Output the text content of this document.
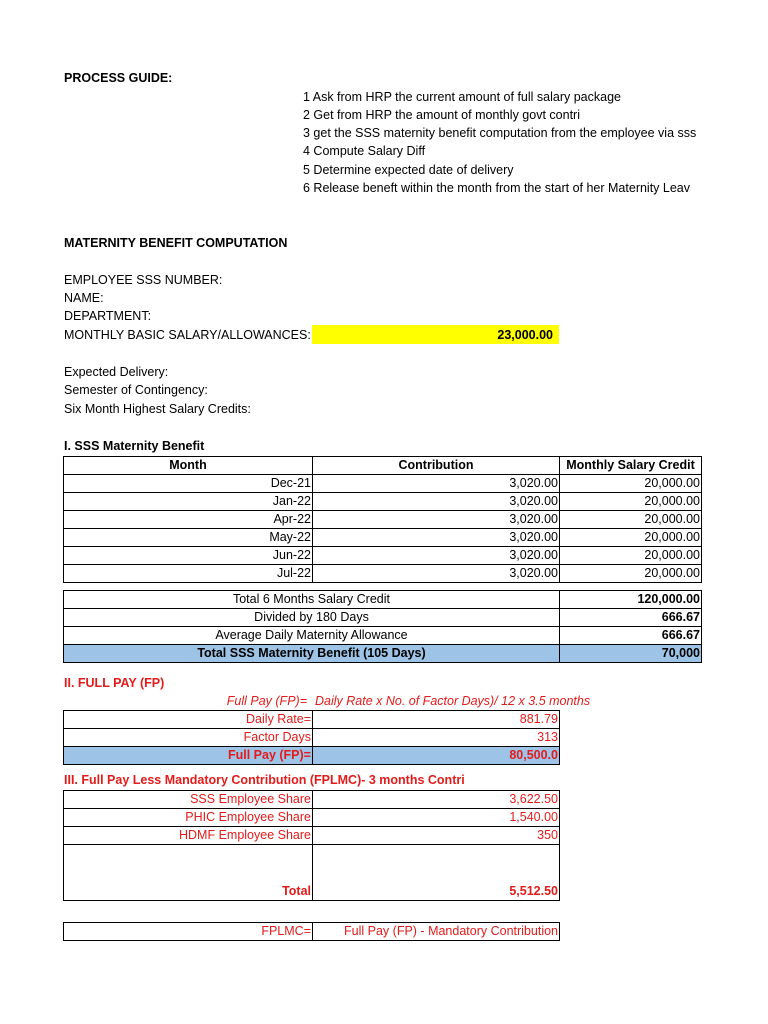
PROCESS GUIDE:
1 Ask from HRP the current amount of full salary package
2 Get from HRP the amount of monthly govt contri
3 get the SSS maternity benefit computation from the employee via sss
4 Compute Salary Diff
5 Determine expected date of delivery
6 Release beneft within the month from the start of her Maternity Leav
MATERNITY BENEFIT COMPUTATION
EMPLOYEE SSS NUMBER:
NAME:
DEPARTMENT:
MONTHLY BASIC SALARY/ALLOWANCES:	23,000.00
Expected Delivery:
Semester of Contingency:
Six Month Highest Salary Credits:
I. SSS Maternity Benefit
Month	Contribution	Monthly Salary Credit
Dec-21	3,020.00	20,000.00
Jan-22	3,020.00	20,000.00
Apr-22	3,020.00	20,000.00
May-22	3,020.00	20,000.00
Jun-22	3,020.00	20,000.00
Jul-22	3,020.00	20,000.00
Total 6 Months Salary Credit	120,000.00
Divided by 180 Days	666.67
Average Daily Maternity Allowance	666.67
Total SSS Maternity Benefit (105 Days)	70,000
II. FULL PAY (FP)
Full Pay (FP)= Daily Rate x No. of Factor Days)/ 12 x 3.5 months
Daily Rate=	881.79
Factor Days	313
Full Pay (FP)=	80,500.0
III. Full Pay Less Mandatory Contribution (FPLMC)- 3 months Contri
SSS Employee Share	3,622.50
PHIC Employee Share	1,540.00
HDMF Employee Share	350
Total	5,512.50
FPLMC=	Full Pay (FP) - Mandatory Contribution
